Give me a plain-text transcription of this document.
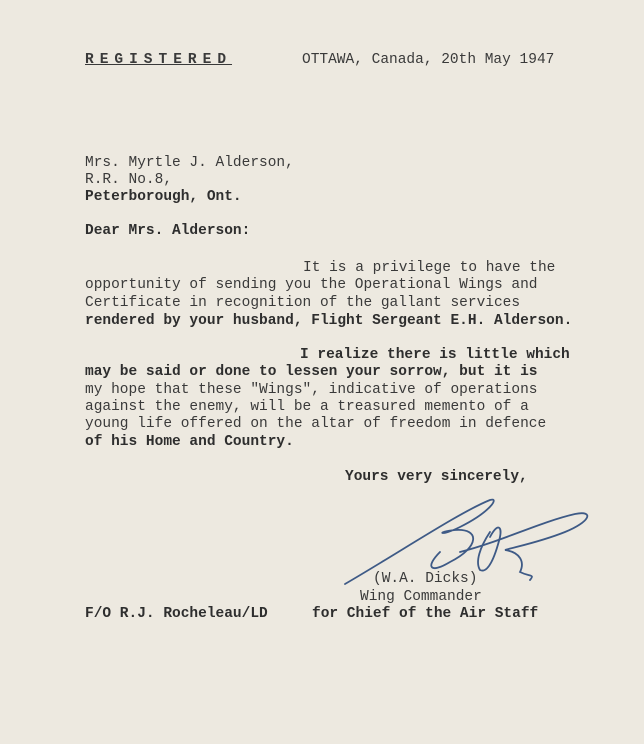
REGISTERED	OTTAWA, Canada, 20th May 1947
Mrs. Myrtle J. Alderson,
R.R. No.8,
Peterborough, Ont.
Dear Mrs. Alderson:
It is a privilege to have the
opportunity of sending you the Operational Wings and
Certificate in recognition of the gallant services
rendered by your husband, Flight Sergeant E.H. Alderson.
I realize there is little which
may be said or done to lessen your sorrow, but it is
my hope that these "Wings", indicative of operations
against the enemy, will be a treasured memento of a
young life offered on the altar of freedom in defence
of his Home and Country.
Yours very sincerely,
(W.A. Dicks)
Wing Commander
F/O R.J. Rocheleau/LD	for Chief of the Air Staff
